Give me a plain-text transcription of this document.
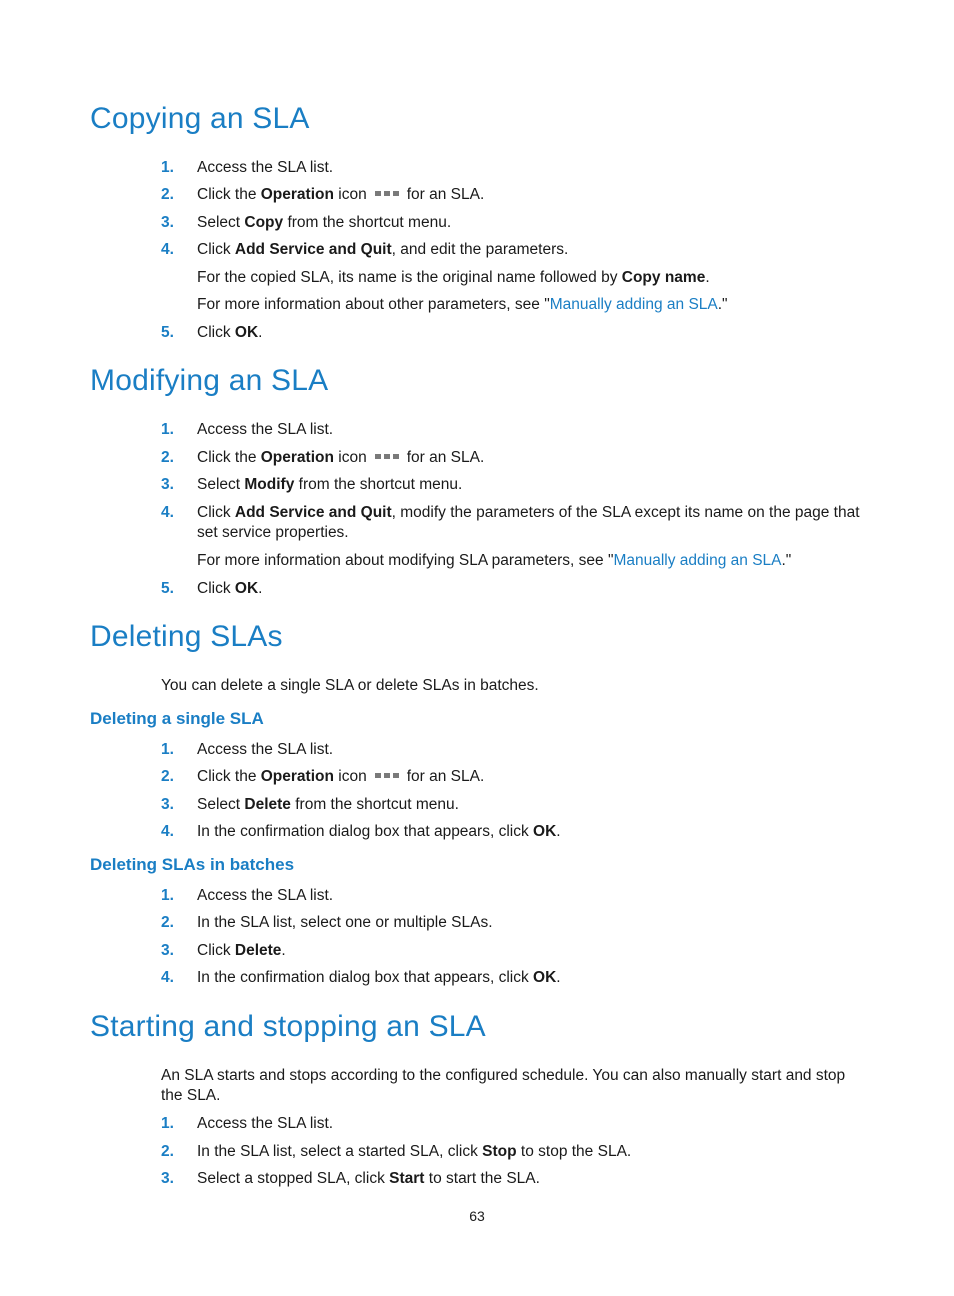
Copying an SLA
1.	Access the SLA list.
2.	Click the Operation icon	for an SLA.
3.	Select Copy from the shortcut menu.
4.	Click Add Service and Quit, and edit the parameters.
For the copied SLA, its name is the original name followed by Copy name.
For more information about other parameters, see "Manually adding an SLA."
5.	Click OK.
Modifying an SLA
1.	Access the SLA list.
2.	Click the Operation icon	for an SLA.
3.	Select Modify from the shortcut menu.
4.	Click Add Service and Quit, modify the parameters of the SLA except its name on the page that set service properties.
For more information about modifying SLA parameters, see "Manually adding an SLA."
5.	Click OK.
Deleting SLAs
You can delete a single SLA or delete SLAs in batches.
Deleting a single SLA
1.	Access the SLA list.
2.	Click the Operation icon	for an SLA.
3.	Select Delete from the shortcut menu.
4.	In the confirmation dialog box that appears, click OK.
Deleting SLAs in batches
1.	Access the SLA list.
2.	In the SLA list, select one or multiple SLAs.
3.	Click Delete.
4.	In the confirmation dialog box that appears, click OK.
Starting and stopping an SLA
An SLA starts and stops according to the configured schedule. You can also manually start and stop the SLA.
1.	Access the SLA list.
2.	In the SLA list, select a started SLA, click Stop to stop the SLA.
3.	Select a stopped SLA, click Start to start the SLA.
63
